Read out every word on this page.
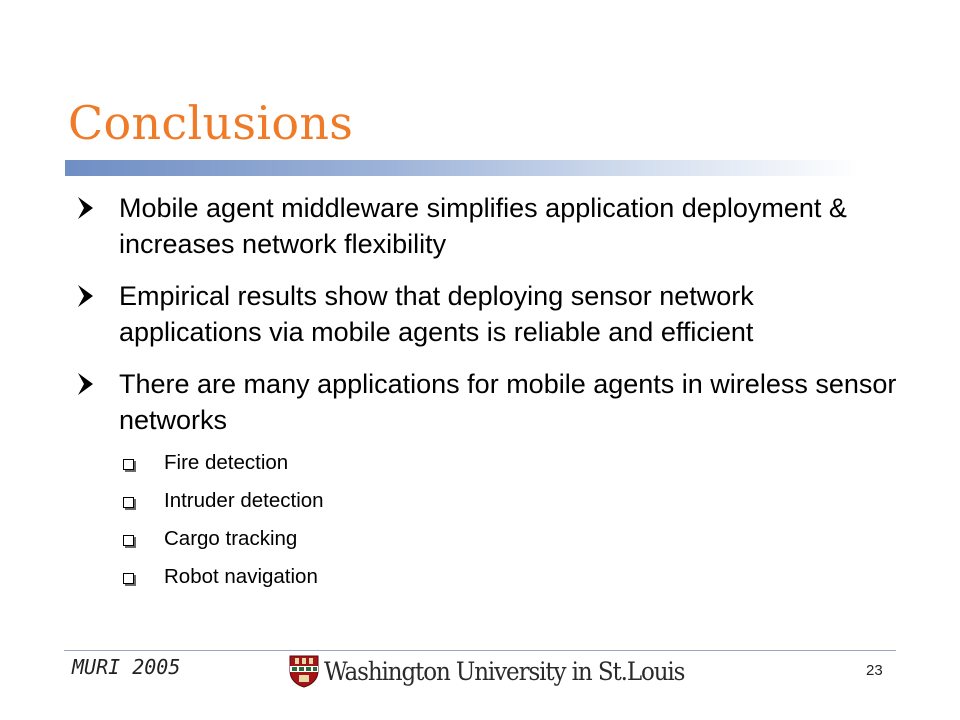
Conclusions
Mobile agent middleware simplifies application deployment & increases network flexibility
Empirical results show that deploying sensor network applications via mobile agents is reliable and efficient
There are many applications for mobile agents in wireless sensor networks
Fire detection
Intruder detection
Cargo tracking
Robot navigation
MURI 2005	Washington University in St.Louis	23
